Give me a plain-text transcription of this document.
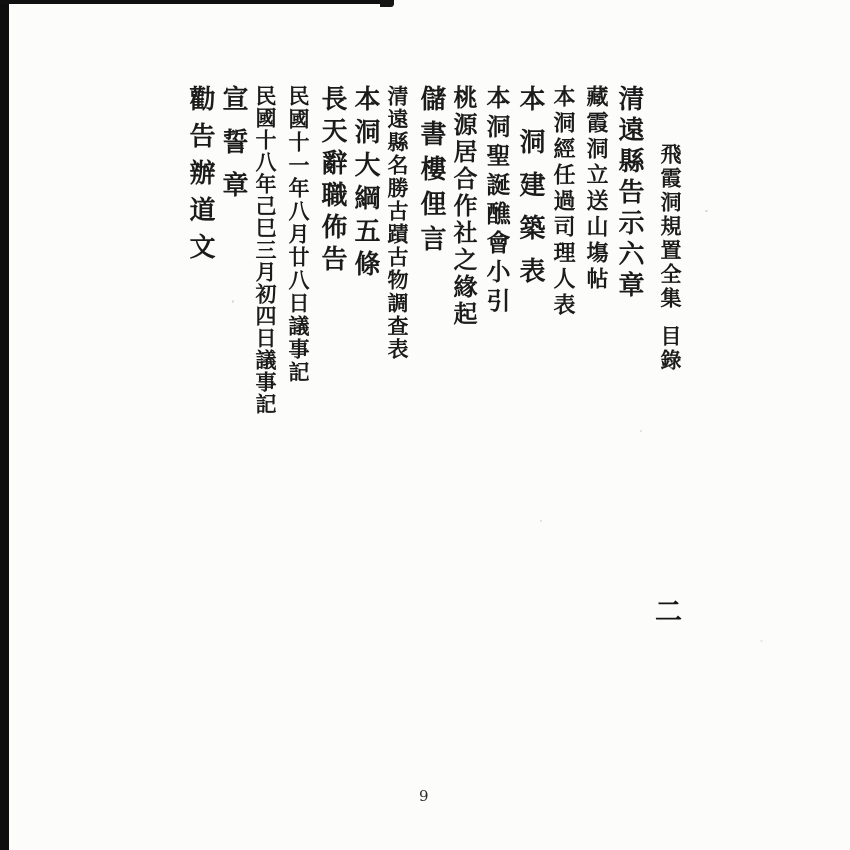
飛霞洞規置全集目錄
清遠縣告示六章
藏霞洞立送山塲帖
本洞經任過司理人表
本洞建築表
本洞聖誕醮會小引
桃源居合作社之緣起
儲書樓俚言
清遠縣名勝古蹟古物調查表
本洞大綱五條
長天辭職佈告
民國十一年八月廿八日議事記
民國十八年己巳三月初四日議事記
宣誓章
勸告辦道文
二
9
